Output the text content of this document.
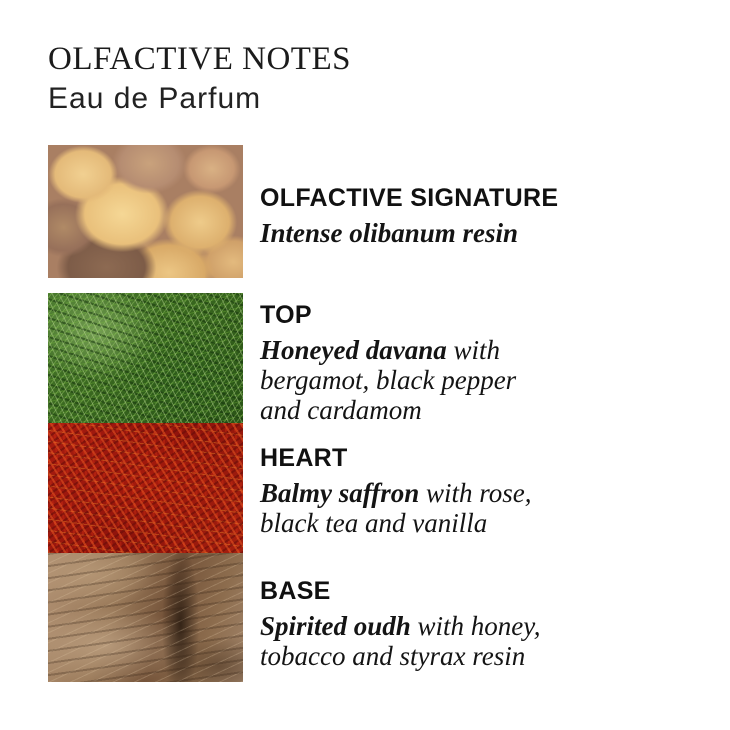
OLFACTIVE NOTES

Eau de Parfum

OLFACTIVE SIGNATURE

Intense olibanum resin

TOP

Honeyed davana with

bergamot, black pepper

and cardamom

HEART

Balmy saffron with rose,

black tea and vanilla

BASE

Spirited oudh with honey,

tobacco and styrax resin
